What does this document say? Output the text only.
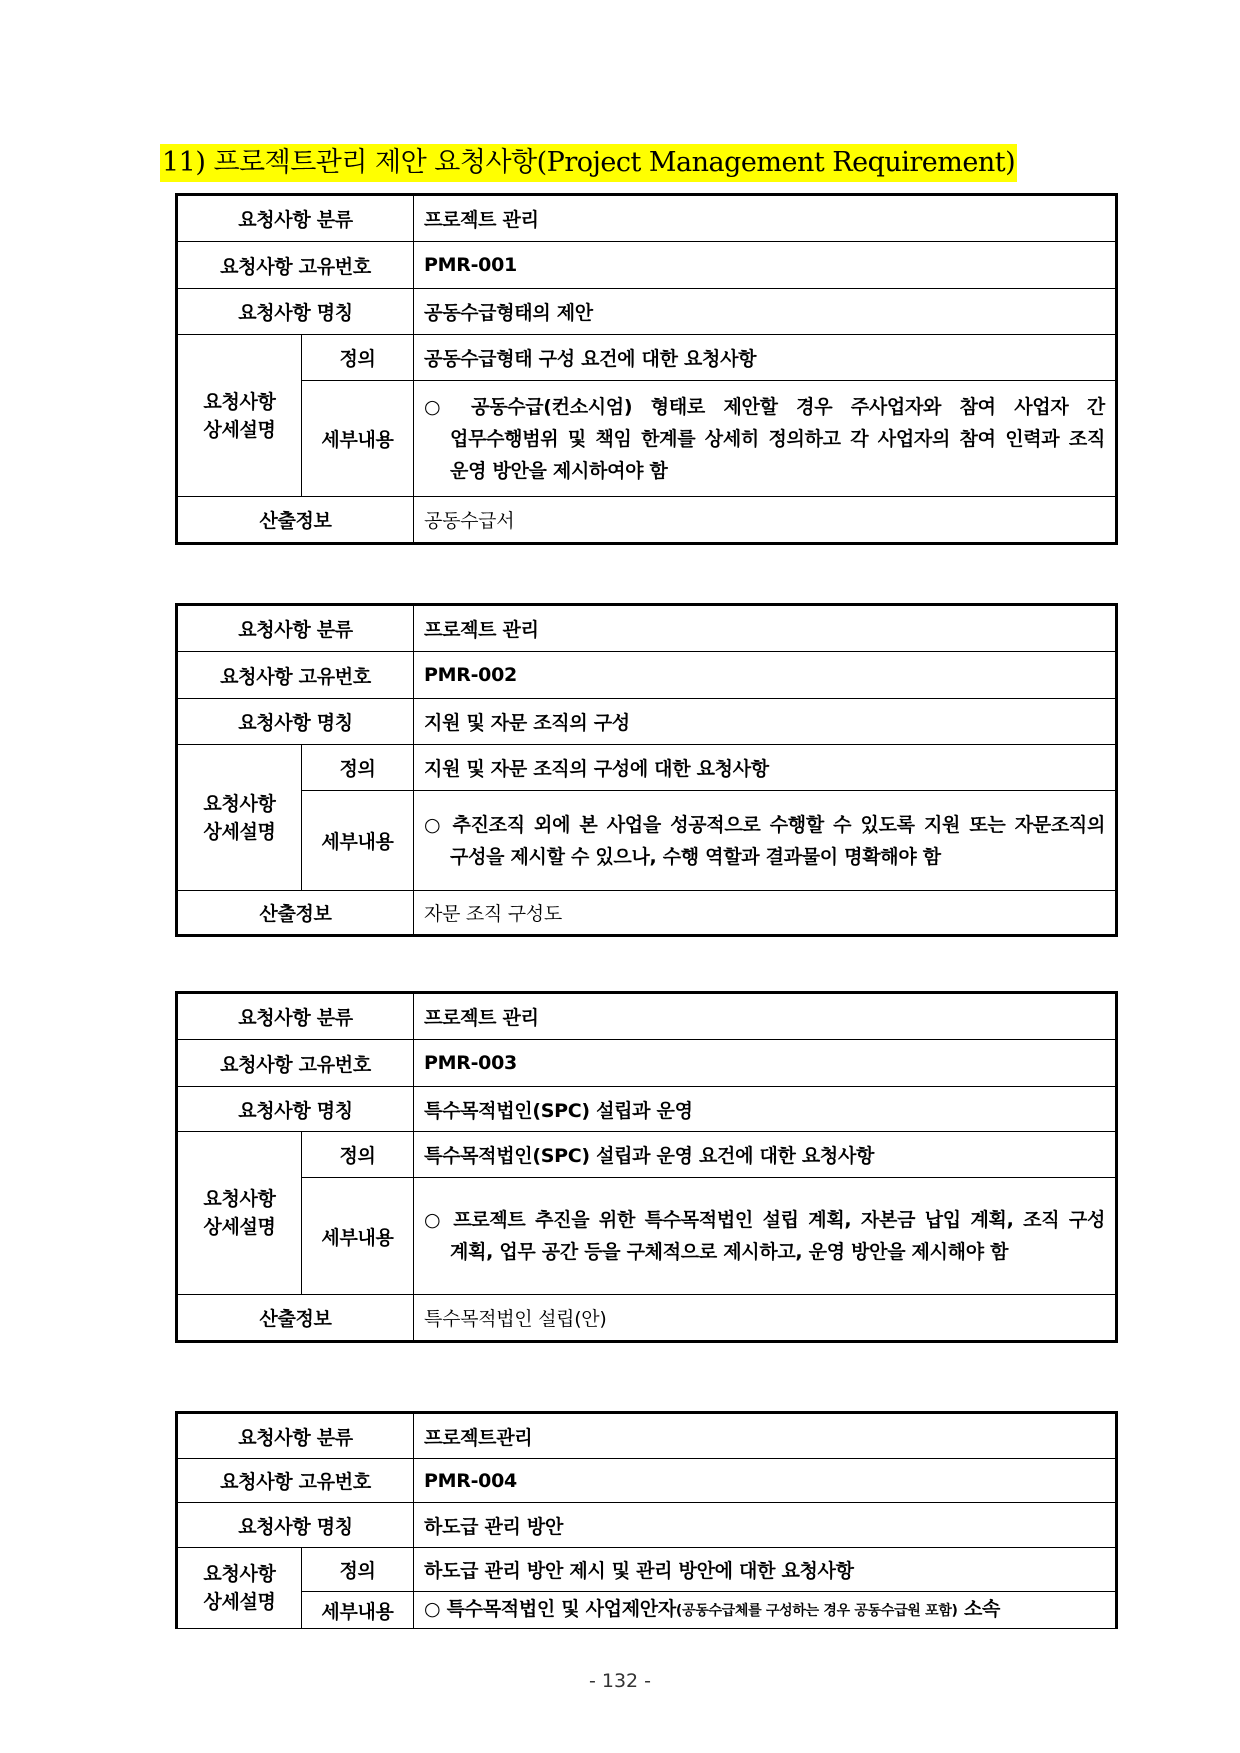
11) 프로젝트관리 제안 요청사항(Project Management Requirement)
요청사항 분류		프로젝트 관리
요청사항 고유번호		PMR-001
요청사항 명칭		공동수급형태의 제안
요청사항
상세설명	정의	공동수급형태 구성 요건에 대한 요청사항
	세부내용	○ 공동수급(컨소시엄) 형태로 제안할 경우 주사업자와 참여 사업자 간 업무수행범위 및 책임 한계를 상세히 정의하고 각 사업자의 참여 인력과 조직 운영 방안을 제시하여야 함

산출정보		공동수급서
요청사항 분류		프로젝트 관리
요청사항 고유번호		PMR-002
요청사항 명칭		지원 및 자문 조직의 구성
요청사항
상세설명	정의	지원 및 자문 조직의 구성에 대한 요청사항
	세부내용	○ 추진조직 외에 본 사업을 성공적으로 수행할 수 있도록 지원 또는 자문조직의 구성을 제시할 수 있으나, 수행 역할과 결과물이 명확해야 함

산출정보		자문 조직 구성도
요청사항 분류		프로젝트 관리
요청사항 고유번호		PMR-003
요청사항 명칭		특수목적법인(SPC) 설립과 운영
요청사항
상세설명	정의	특수목적법인(SPC) 설립과 운영 요건에 대한 요청사항
	세부내용	○ 프로젝트 추진을 위한 특수목적법인 설립 계획, 자본금 납입 계획, 조직 구성 계획, 업무 공간 등을 구체적으로 제시하고, 운영 방안을 제시해야 함

산출정보		특수목적법인 설립(안)
요청사항 분류		프로젝트관리
요청사항 고유번호		PMR-004
요청사항 명칭		하도급 관리 방안
요청사항
상세설명	정의	하도급 관리 방안 제시 및 관리 방안에 대한 요청사항
	세부내용	○ 특수목적법인 및 사업제안자(공동수급체를 구성하는 경우 공동수급원 포함) 소속
- 132 -
